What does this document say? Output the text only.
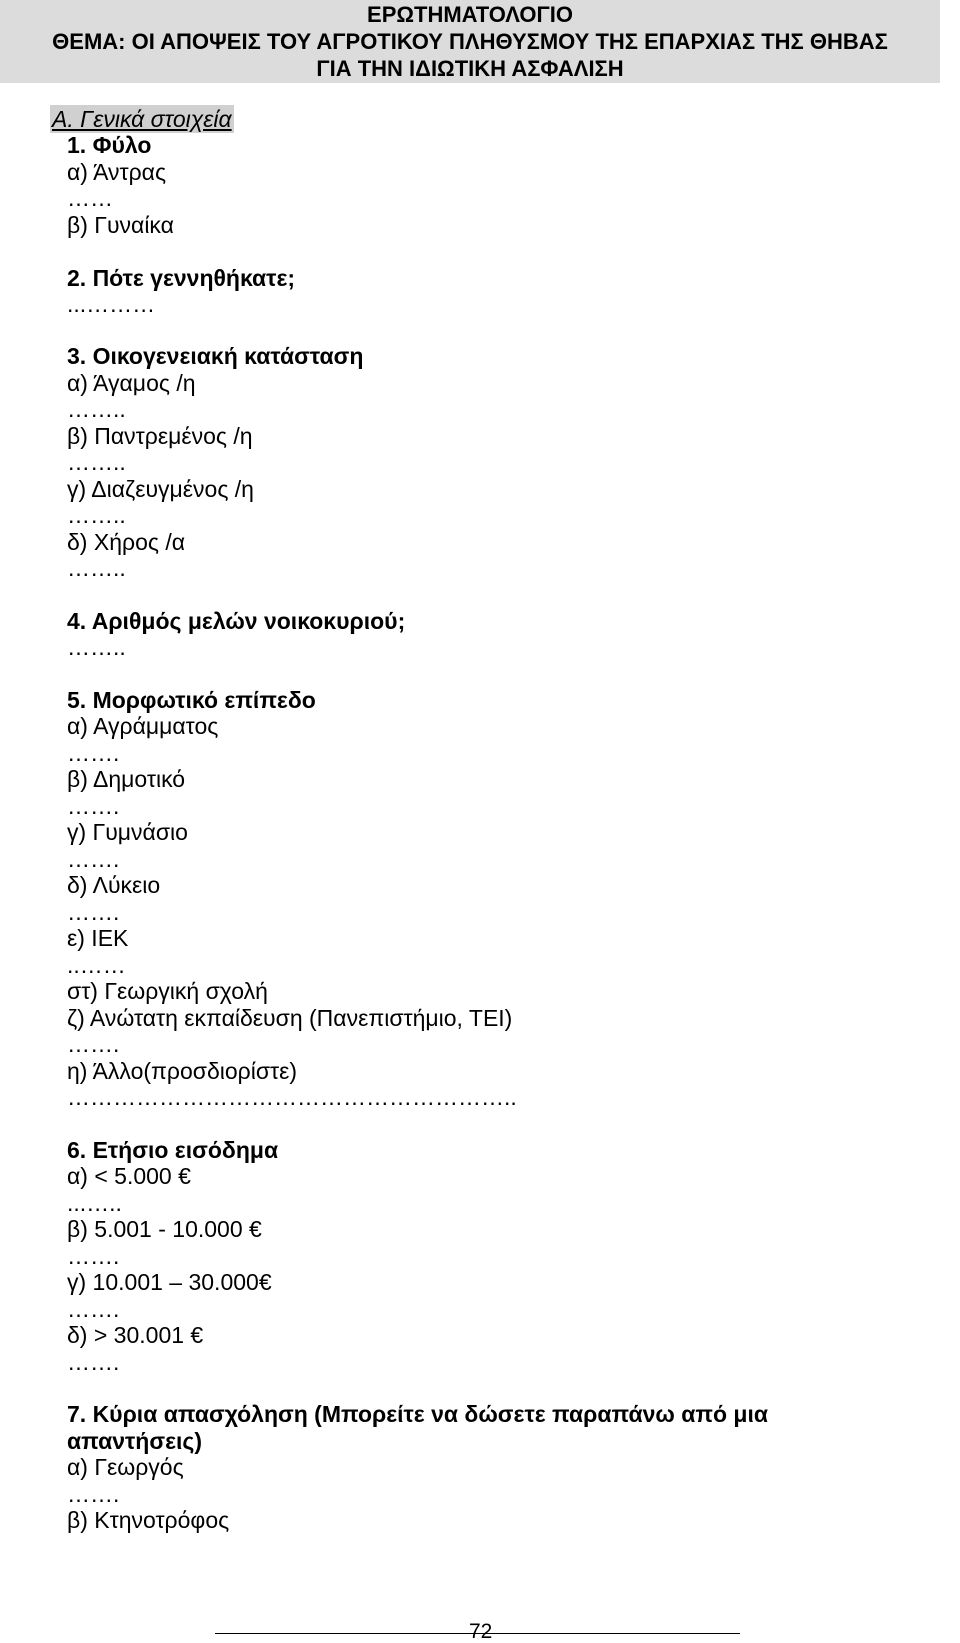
ΕΡΩΤΗΜΑΤΟΛΟΓΙΟ
ΘΕΜΑ: ΟΙ ΑΠΟΨΕΙΣ ΤΟΥ ΑΓΡΟΤΙΚΟΥ ΠΛΗΘΥΣΜΟΥ ΤΗΣ ΕΠΑΡΧΙΑΣ ΤΗΣ ΘΗΒΑΣ
ΓΙΑ ΤΗΝ ΙΔΙΩΤΙΚΗ ΑΣΦΑΛΙΣΗ
Α. Γενικά στοιχεία
1. Φύλο
α) Άντρας
……
β) Γυναίκα
2. Πότε γεννηθήκατε;
...………
3. Οικογενειακή κατάσταση
α) Άγαμος /η
……..
β) Παντρεμένος /η
……..
γ) Διαζευγμένος /η
……..
δ) Χήρος /α
……..
4. Αριθμός μελών νοικοκυριού;
……..
5. Μορφωτικό επίπεδο
α) Αγράμματος
…….
β) Δημοτικό
…….
γ) Γυμνάσιο
…….
δ) Λύκειο
…….
ε) ΙΕΚ
..……
στ) Γεωργική σχολή
ζ) Ανώτατη εκπαίδευση (Πανεπιστήμιο, ΤΕΙ)
…….
η) Άλλο(προσδιορίστε)
…………………………………………………..
6. Ετήσιο εισόδημα
α) < 5.000 €
...…..
β) 5.001 - 10.000 €
…….
γ) 10.001 – 30.000€
…….
δ) > 30.001 €
…….
7. Κύρια απασχόληση (Μπορείτε να δώσετε παραπάνω από μια
απαντήσεις)
α) Γεωργός
…….
β) Κτηνοτρόφος
72
